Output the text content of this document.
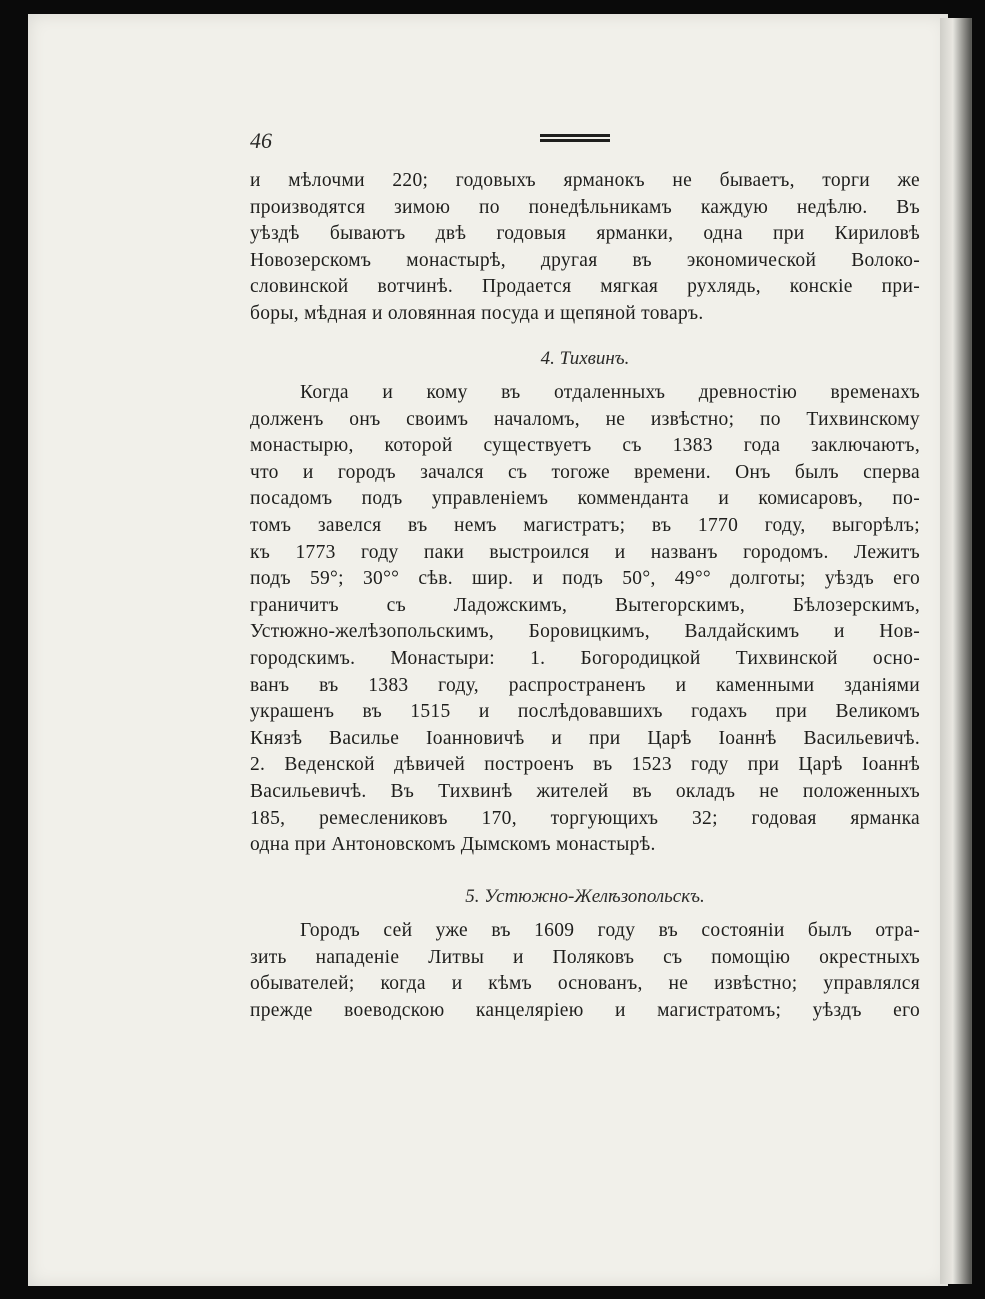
46
и мѣлочми 220; годовыхъ ярманокъ не бываетъ, торги же
производятся зимою по понедѣльникамъ каждую недѣлю. Въ
уѣздѣ бываютъ двѣ годовыя ярманки, одна при Кириловѣ
Новозерскомъ монастырѣ, другая въ экономической Волоко-
словинской вотчинѣ. Продается мягкая рухлядь, конскіе при-
боры, мѣдная и оловянная посуда и щепяной товаръ.
4. Тихвинъ.
Когда и кому въ отдаленныхъ древностію временахъ
долженъ онъ своимъ началомъ, не извѣстно; по Тихвинскому
монастырю, которой существуетъ съ 1383 года заключаютъ,
что и городъ зачался съ тогоже времени. Онъ былъ сперва
посадомъ подъ управленіемъ комменданта и комисаровъ, по-
томъ завелся въ немъ магистратъ; въ 1770 году, выгорѣлъ;
къ 1773 году паки выстроился и названъ городомъ. Лежитъ
подъ 59°; 30°° сѣв. шир. и подъ 50°, 49°° долготы; уѣздъ его
граничитъ съ Ладожскимъ, Вытегорскимъ, Бѣлозерскимъ,
Устюжно-желѣзопольскимъ, Боровицкимъ, Валдайскимъ и Нов-
городскимъ. Монастыри: 1. Богородицкой Тихвинской осно-
ванъ въ 1383 году, распространенъ и каменными зданіями
украшенъ въ 1515 и послѣдовавшихъ годахъ при Великомъ
Князѣ Василье Іоанновичѣ и при Царѣ Іоаннѣ Васильевичѣ.
2. Веденской дѣвичей построенъ въ 1523 году при Царѣ Іоаннѣ
Васильевичѣ. Въ Тихвинѣ жителей въ окладъ не положенныхъ
185, ремеслениковъ 170, торгующихъ 32; годовая ярманка
одна при Антоновскомъ Дымскомъ монастырѣ.
5. Устюжно-Желѣзопольскъ.
Городъ сей уже въ 1609 году въ состояніи былъ отра-
зить нападеніе Литвы и Поляковъ съ помощію окрестныхъ
обывателей; когда и кѣмъ основанъ, не извѣстно; управлялся
прежде воеводскою канцеляріею и магистратомъ; уѣздъ его
